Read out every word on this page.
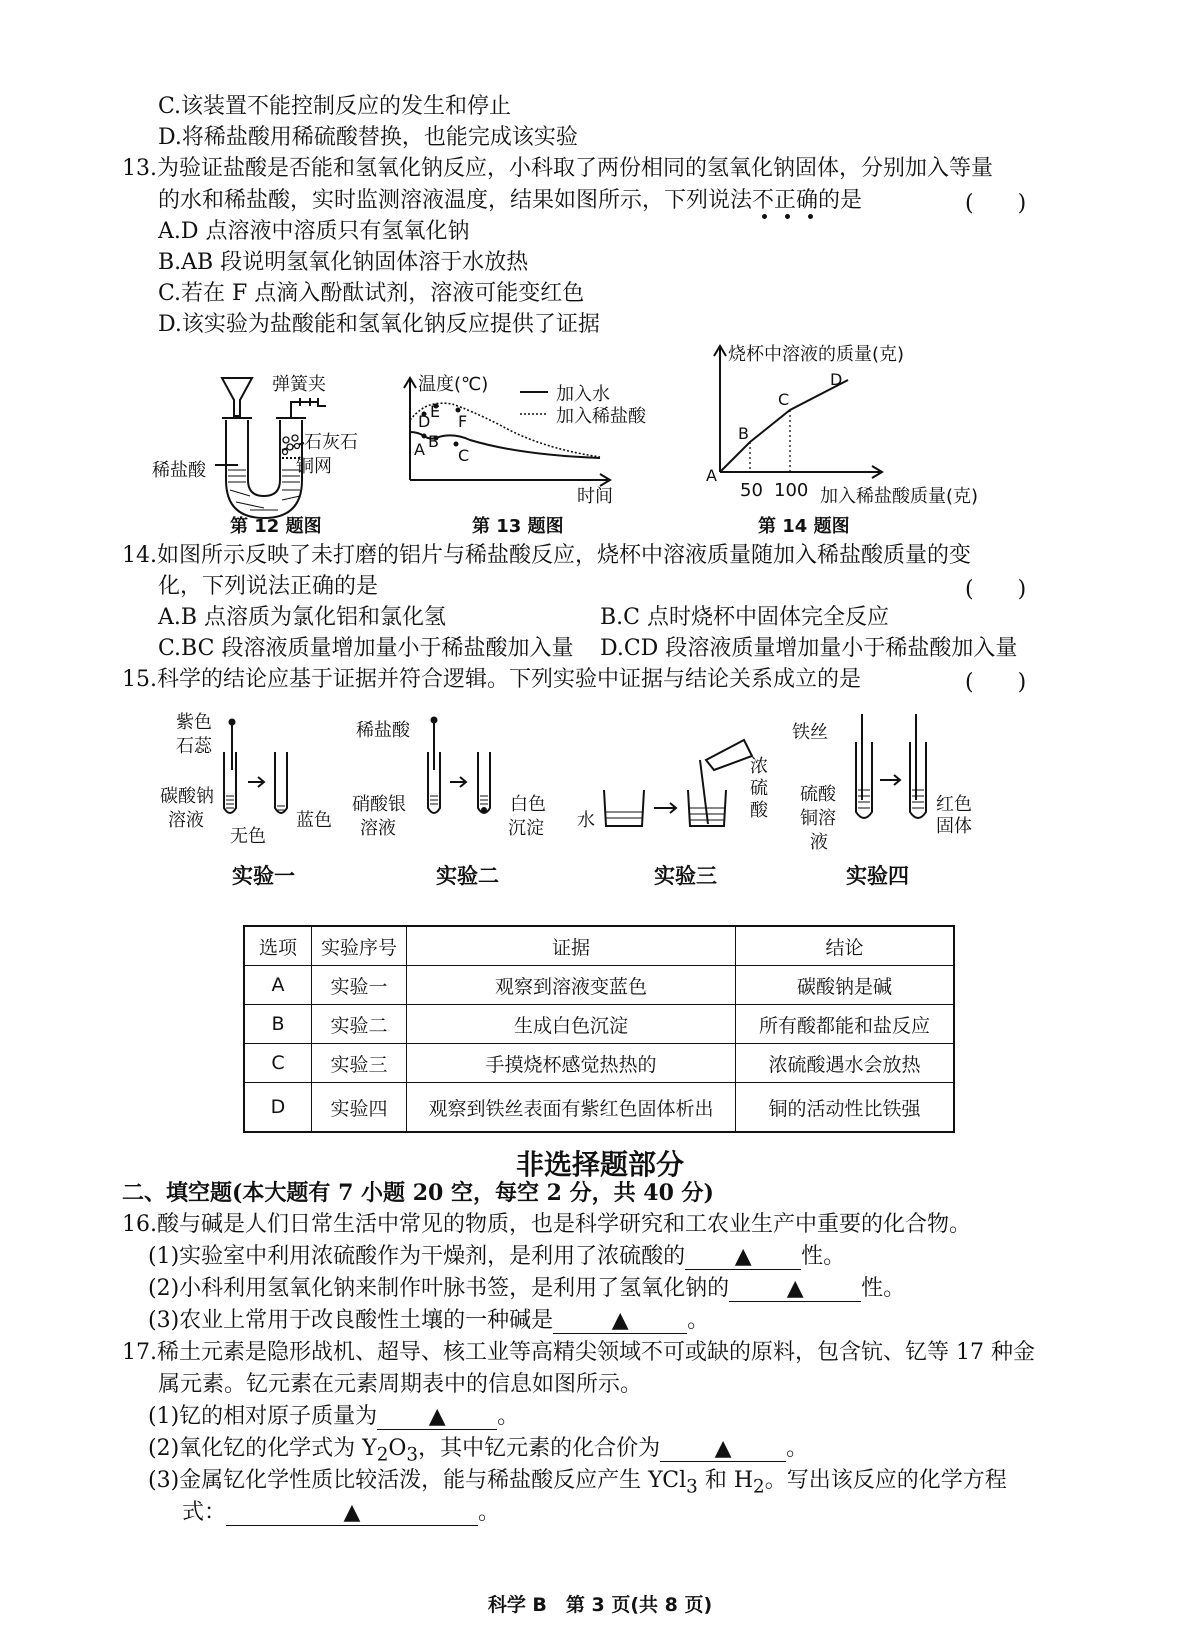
C.该装置不能控制反应的发生和停止
D.将稀盐酸用稀硫酸替换，也能完成该实验
13.为验证盐酸是否能和氢氧化钠反应，小科取了两份相同的氢氧化钠固体，分别加入等量
的水和稀盐酸，实时监测溶液温度，结果如图所示，下列说法不正确的是	(　　)
A.D 点溶液中溶质只有氢氧化钠
B.AB 段说明氢氧化钠固体溶于水放热
C.若在 F 点滴入酚酞试剂，溶液可能变红色
D.该实验为盐酸能和氢氧化钠反应提供了证据
弹簧夹
石灰石
铜网
稀盐酸
第 12 题图
温度(℃)
时间
加入水
加入稀盐酸
A B
C
D
E
F
第 13 题图
烧杯中溶液的质量(克)
加入稀盐酸质量(克)
A
B
C
D
50 100
第 14 题图
14.如图所示反映了未打磨的铝片与稀盐酸反应，烧杯中溶液质量随加入稀盐酸质量的变
化，下列说法正确的是	(　　)
A.B 点溶质为氯化铝和氯化氢	B.C 点时烧杯中固体完全反应
C.BC 段溶液质量增加量小于稀盐酸加入量 D.CD 段溶液质量增加量小于稀盐酸加入量
15.科学的结论应基于证据并符合逻辑。下列实验中证据与结论关系成立的是	(　　)
紫色
石蕊
碳酸钠
溶液
无色
蓝色
实验一
稀盐酸
硝酸银
溶液
白色
沉淀
实验二
水
浓
硫
酸
实验三
铁丝
硫酸
铜溶
液
红色
固体
实验四
选项	实验序号	证据	结论
A	实验一	观察到溶液变蓝色	碳酸钠是碱
B	实验二	生成白色沉淀	所有酸都能和盐反应
C	实验三	手摸烧杯感觉热热的	浓硫酸遇水会放热
D	实验四	观察到铁丝表面有紫红色固体析出	铜的活动性比铁强
非选择题部分
二、填空题(本大题有 7 小题 20 空，每空 2 分，共 40 分)
16.酸与碱是人们日常生活中常见的物质，也是科学研究和工农业生产中重要的化合物。
(1)实验室中利用浓硫酸作为干燥剂，是利用了浓硫酸的 ▲ 性。
(2)小科利用氢氧化钠来制作叶脉书签，是利用了氢氧化钠的	▲	性。
(3)农业上常用于改良酸性土壤的一种碱是	▲	。
17.稀土元素是隐形战机、超导、核工业等高精尖领域不可或缺的原料，包含钪、钇等 17 种金
属元素。钇元素在元素周期表中的信息如图所示。
(1)钇的相对原子质量为 ▲ 。
(2)氧化钇的化学式为 $Y_2O_3$，其中钇元素的化合价为 ▲ 。
(3)金属钇化学性质比较活泼，能与稀盐酸反应产生 YCl$_3$ 和 $H_2$。写出该反应的化学方程
式：	▲	。
科学 B　第 3 页(共 8 页)
